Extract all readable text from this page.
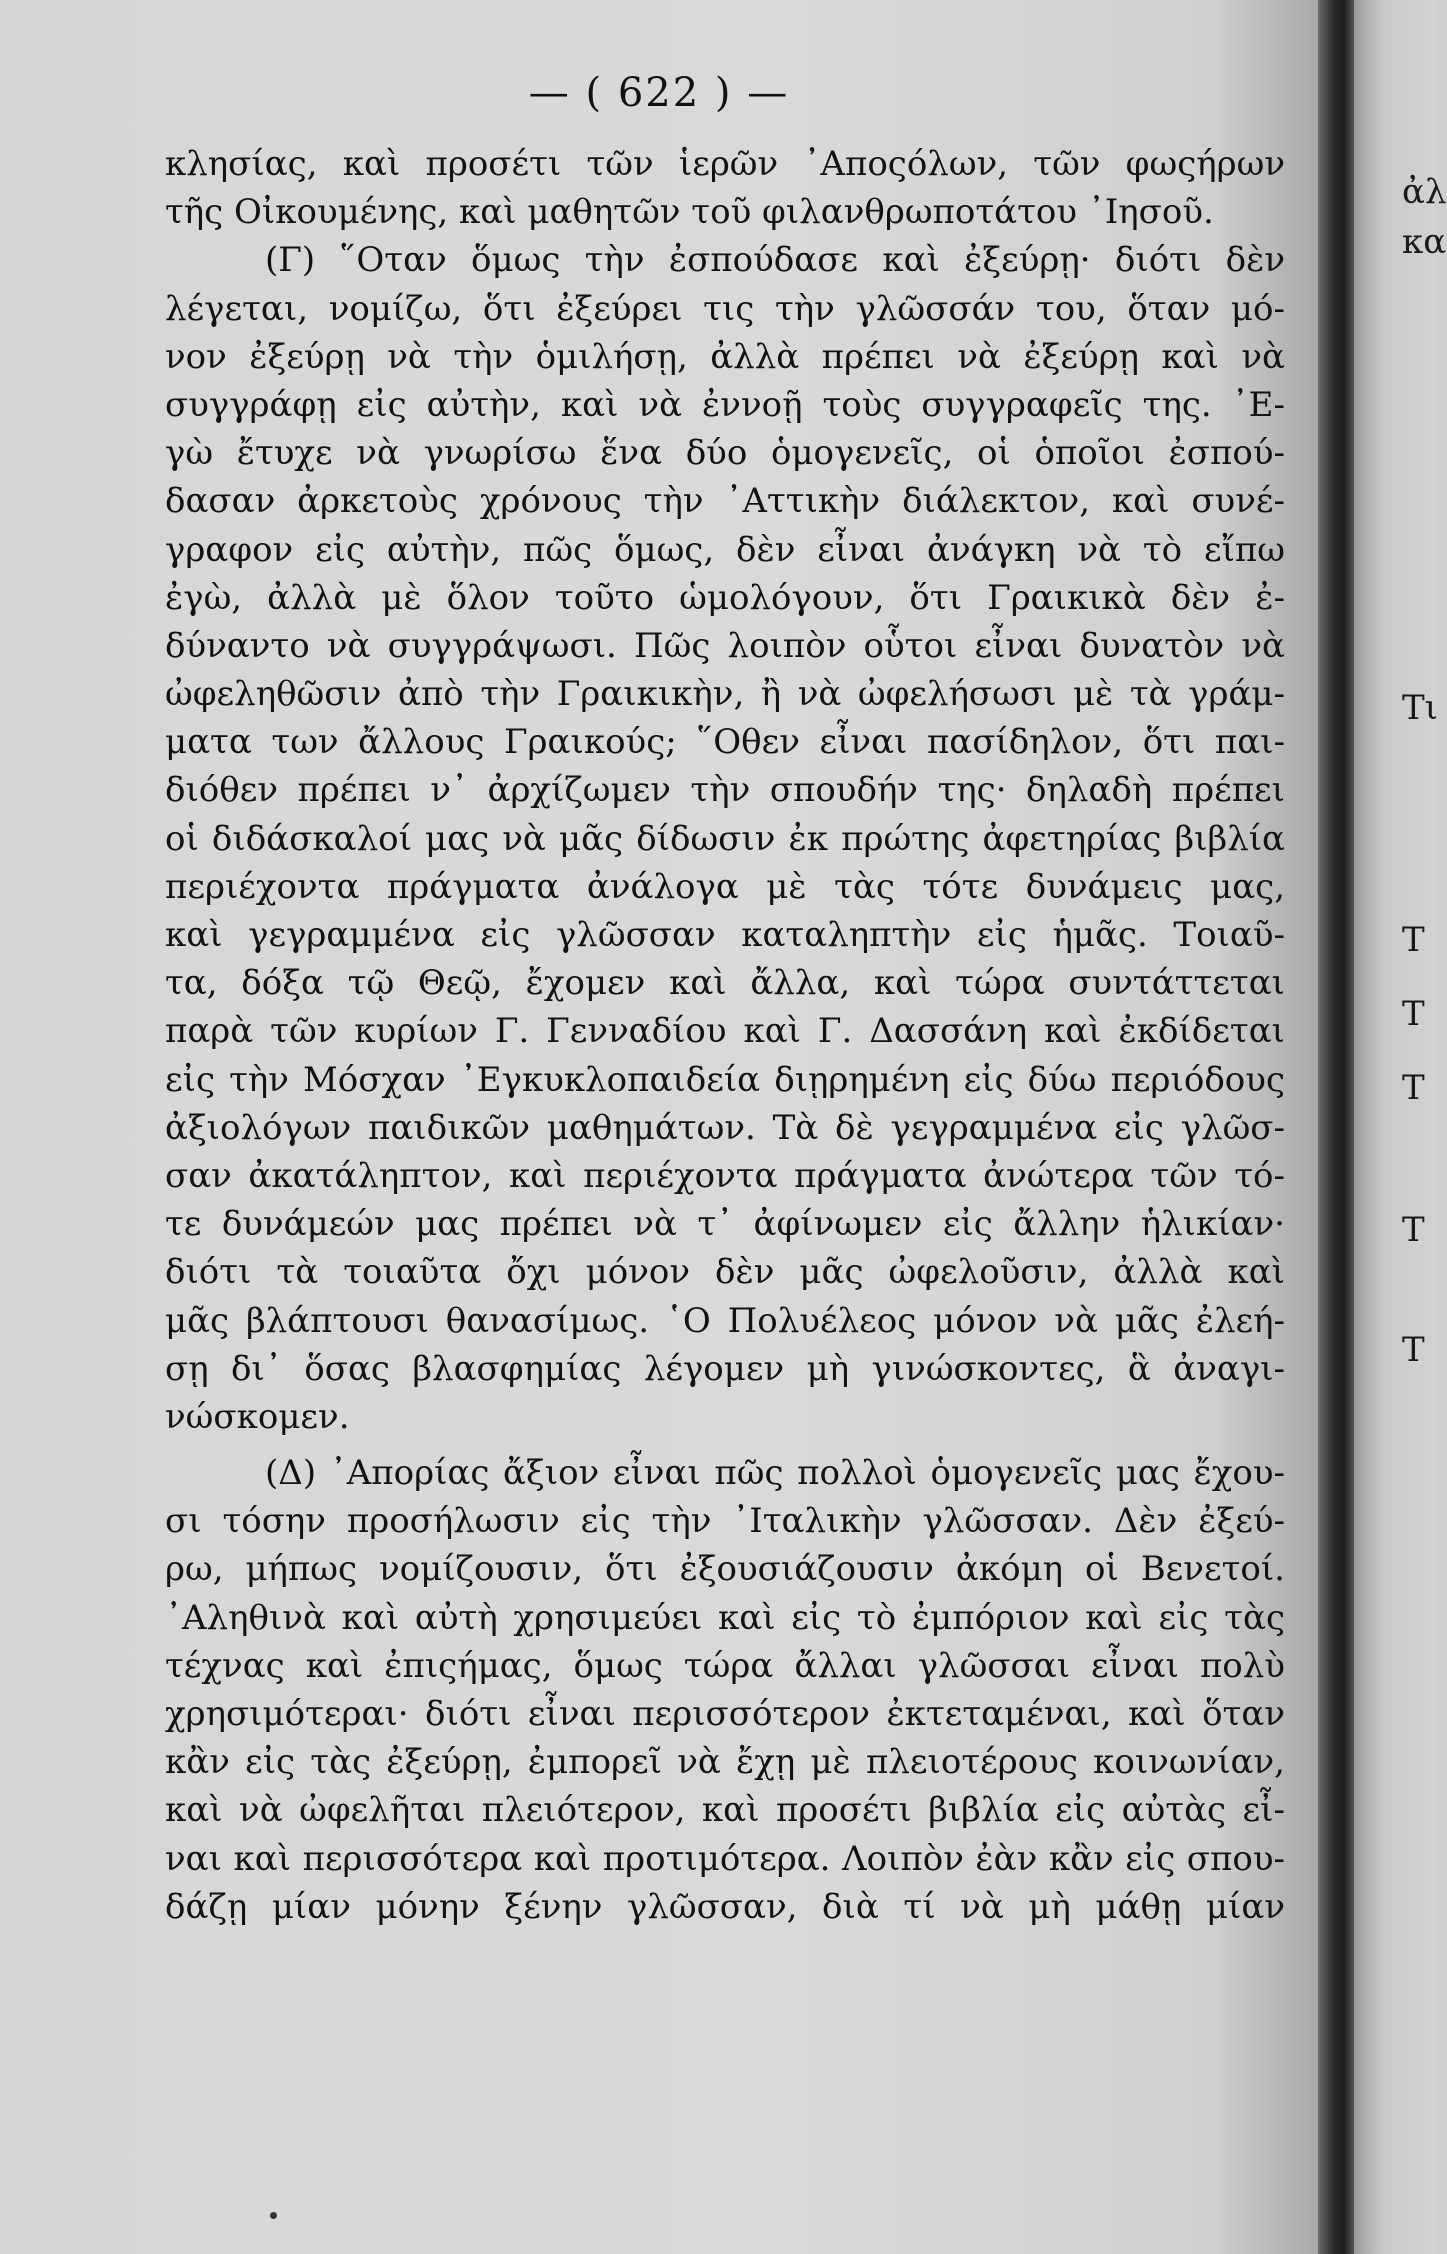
— ( 622 ) —
κλησίας, καὶ προσέτι τῶν ἱερῶν ᾿Αποςόλων, τῶν φωςήρων
τῆς Οἰκουμένης, καὶ μαθητῶν τοῦ φιλανθρωποτάτου ᾿Ιησοῦ.
(Γ) ῞Οταν ὅμως τὴν ἐσπούδασε καὶ ἐξεύρῃ· διότι δὲν
λέγεται, νομίζω, ὅτι ἐξεύρει τις τὴν γλῶσσάν του, ὅταν μό-
νον ἐξεύρῃ νὰ τὴν ὁμιλήσῃ, ἀλλὰ πρέπει νὰ ἐξεύρῃ καὶ νὰ
συγγράφῃ εἰς αὐτὴν, καὶ νὰ ἐννοῇ τοὺς συγγραφεῖς της. ᾿Ε-
γὼ ἔτυχε νὰ γνωρίσω ἕνα δύο ὁμογενεῖς, οἱ ὁποῖοι ἐσπού-
δασαν ἀρκετοὺς χρόνους τὴν ᾿Αττικὴν διάλεκτον, καὶ συνέ-
γραφον εἰς αὐτὴν, πῶς ὅμως, δὲν εἶναι ἀνάγκη νὰ τὸ εἴπω
ἐγὼ, ἀλλὰ μὲ ὅλον τοῦτο ὡμολόγουν, ὅτι Γραικικὰ δὲν ἐ-
δύναντο νὰ συγγράψωσι. Πῶς λοιπὸν οὗτοι εἶναι δυνατὸν νὰ
ὠφεληθῶσιν ἀπὸ τὴν Γραικικὴν, ἢ νὰ ὠφελήσωσι μὲ τὰ γράμ-
ματα των ἄλλους Γραικούς; ῞Οθεν εἶναι πασίδηλον, ὅτι παι-
διόθεν πρέπει ν᾿ ἀρχίζωμεν τὴν σπουδήν της· δηλαδὴ πρέπει
οἱ διδάσκαλοί μας νὰ μᾶς δίδωσιν ἐκ πρώτης ἀφετηρίας βιβλία
περιέχοντα πράγματα ἀνάλογα μὲ τὰς τότε δυνάμεις μας,
καὶ γεγραμμένα εἰς γλῶσσαν καταληπτὴν εἰς ἡμᾶς. Τοιαῦ-
τα, δόξα τῷ Θεῷ, ἔχομεν καὶ ἄλλα, καὶ τώρα συντάττεται
παρὰ τῶν κυρίων Γ. Γενναδίου καὶ Γ. Δασσάνη καὶ ἐκδίδεται
εἰς τὴν Μόσχαν ᾿Εγκυκλοπαιδεία διῃρημένη εἰς δύω περιόδους
ἀξιολόγων παιδικῶν μαθημάτων. Τὰ δὲ γεγραμμένα εἰς γλῶσ-
σαν ἀκατάληπτον, καὶ περιέχοντα πράγματα ἀνώτερα τῶν τό-
τε δυνάμεών μας πρέπει νὰ τ᾿ ἀφίνωμεν εἰς ἄλλην ἡλικίαν·
διότι τὰ τοιαῦτα ὄχι μόνον δὲν μᾶς ὠφελοῦσιν, ἀλλὰ καὶ
μᾶς βλάπτουσι θανασίμως. ῾Ο Πολυέλεος μόνον νὰ μᾶς ἐλεή-
σῃ δι᾿ ὅσας βλασφημίας λέγομεν μὴ γινώσκοντες, ἃ ἀναγι-
νώσκομεν.
(Δ) ᾿Απορίας ἄξιον εἶναι πῶς πολλοὶ ὁμογενεῖς μας ἔχου-
σι τόσην προσήλωσιν εἰς τὴν ᾿Ιταλικὴν γλῶσσαν. Δὲν ἐξεύ-
ρω, μήπως νομίζουσιν, ὅτι ἐξουσιάζουσιν ἀκόμη οἱ Βενετοί.
᾿Αληθινὰ καὶ αὐτὴ χρησιμεύει καὶ εἰς τὸ ἐμπόριον καὶ εἰς τὰς
τέχνας καὶ ἐπιςήμας, ὅμως τώρα ἄλλαι γλῶσσαι εἶναι πολὺ
χρησιμότεραι· διότι εἶναι περισσότερον ἐκτεταμέναι, καὶ ὅταν
κἂν εἰς τὰς ἐξεύρῃ, ἐμπορεῖ νὰ ἔχῃ μὲ πλειοτέρους κοινωνίαν,
καὶ νὰ ὠφελῆται πλειότερον, καὶ προσέτι βιβλία εἰς αὐτὰς εἶ-
ναι καὶ περισσότερα καὶ προτιμότερα. Λοιπὸν ἐὰν κἂν εἰς σπου-
δάζῃ μίαν μόνην ξένην γλῶσσαν, διὰ τί νὰ μὴ μάθῃ μίαν
ἀλ
κα
Τι
Τ
Τ
Τ
Τ
Τ
